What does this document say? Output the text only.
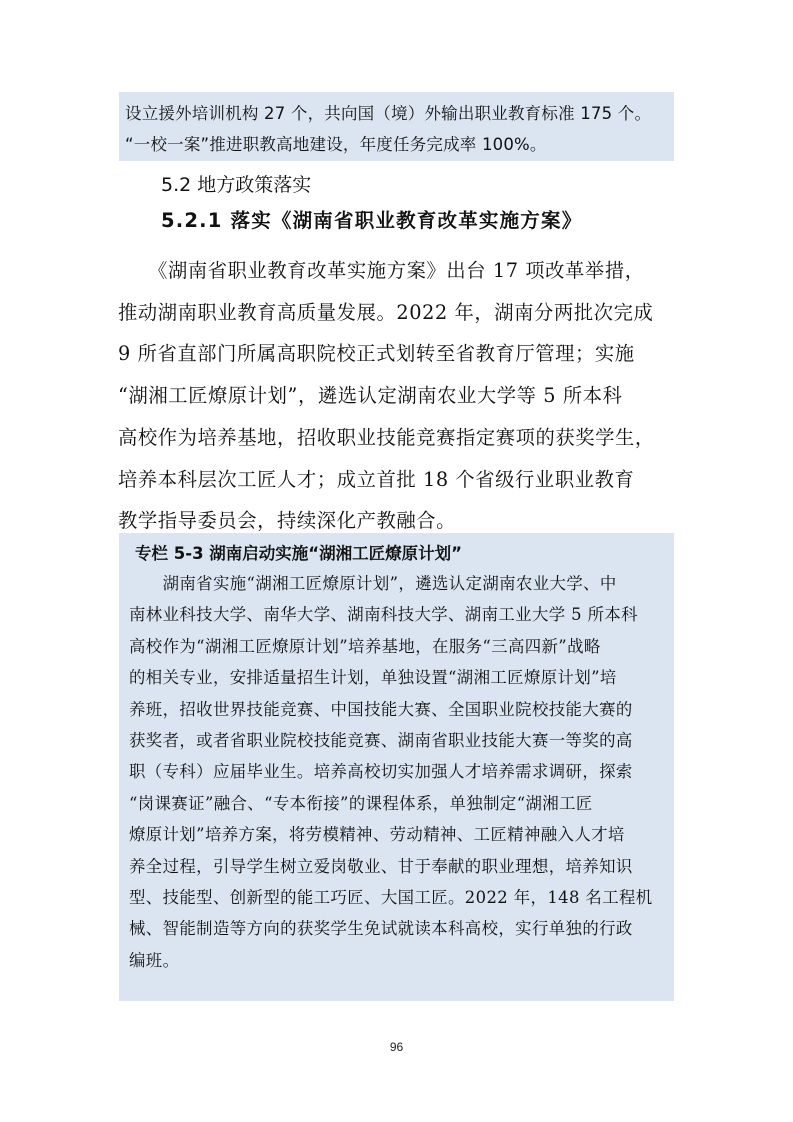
设立援外培训机构 27 个，共向国（境）外输出职业教育标准 175 个。
“一校一案”推进职教高地建设，年度任务完成率 100%。
5.2 地方政策落实
5.2.1 落实《湖南省职业教育改革实施方案》
　　《湖南省职业教育改革实施方案》出台 17 项改革举措，
推动湖南职业教育高质量发展。2022 年，湖南分两批次完成
9 所省直部门所属高职院校正式划转至省教育厅管理；实施
“湖湘工匠燎原计划”，遴选认定湖南农业大学等 5 所本科
高校作为培养基地，招收职业技能竞赛指定赛项的获奖学生，
培养本科层次工匠人才；成立首批 18 个省级行业职业教育
教学指导委员会，持续深化产教融合。
专栏 5-3 湖南启动实施“湖湘工匠燎原计划”
　　湖南省实施“湖湘工匠燎原计划”，遴选认定湖南农业大学、中
南林业科技大学、南华大学、湖南科技大学、湖南工业大学 5 所本科
高校作为“湖湘工匠燎原计划”培养基地，在服务“三高四新”战略
的相关专业，安排适量招生计划，单独设置“湖湘工匠燎原计划”培
养班，招收世界技能竞赛、中国技能大赛、全国职业院校技能大赛的
获奖者，或者省职业院校技能竞赛、湖南省职业技能大赛一等奖的高
职（专科）应届毕业生。培养高校切实加强人才培养需求调研，探索
“岗课赛证”融合、“专本衔接”的课程体系，单独制定“湖湘工匠
燎原计划”培养方案，将劳模精神、劳动精神、工匠精神融入人才培
养全过程，引导学生树立爱岗敬业、甘于奉献的职业理想，培养知识
型、技能型、创新型的能工巧匠、大国工匠。2022 年，148 名工程机
械、智能制造等方向的获奖学生免试就读本科高校，实行单独的行政
编班。
96
